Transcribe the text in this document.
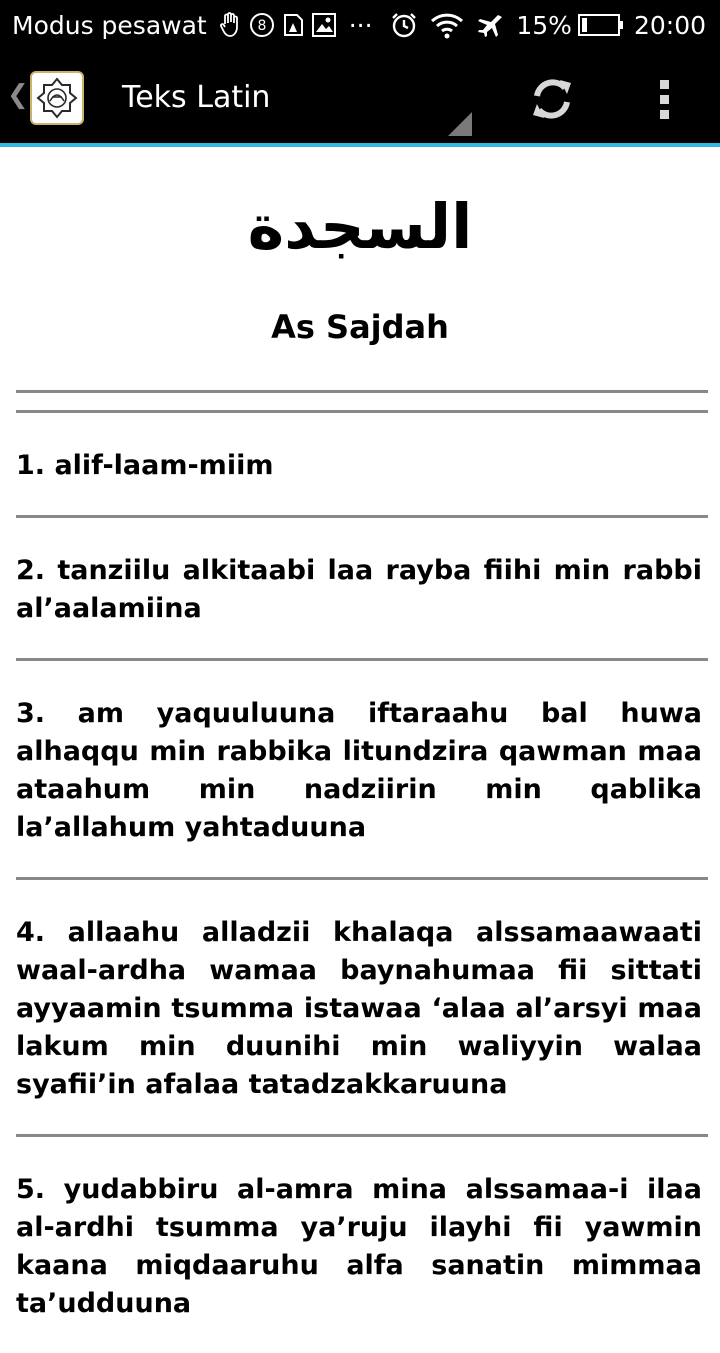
Modus pesawat	8	···	15% 20:00
❮	Teks Latin
السجدة
As Sajdah

1. alif-laam-miim

2. tanziilu alkitaabi laa rayba fiihi min rabbi al’aalamiina

3. am yaquuluuna iftaraahu bal huwa alhaqqu min rabbika litundzira qawman maa ataahum min nadziirin min qablika la’allahum yahtaduuna

4. allaahu alladzii khalaqa alssamaawaati waal-ardha wamaa baynahumaa fii sittati ayyaamin tsumma istawaa ‘alaa al’arsyi maa lakum min duunihi min waliyyin walaa syafii’in afalaa tatadzakkaruuna

5. yudabbiru al-amra mina alssamaa-i ilaa al-ardhi tsumma ya’ruju ilayhi fii yawmin kaana miqdaaruhu alfa sanatin mimmaa ta’udduuna
